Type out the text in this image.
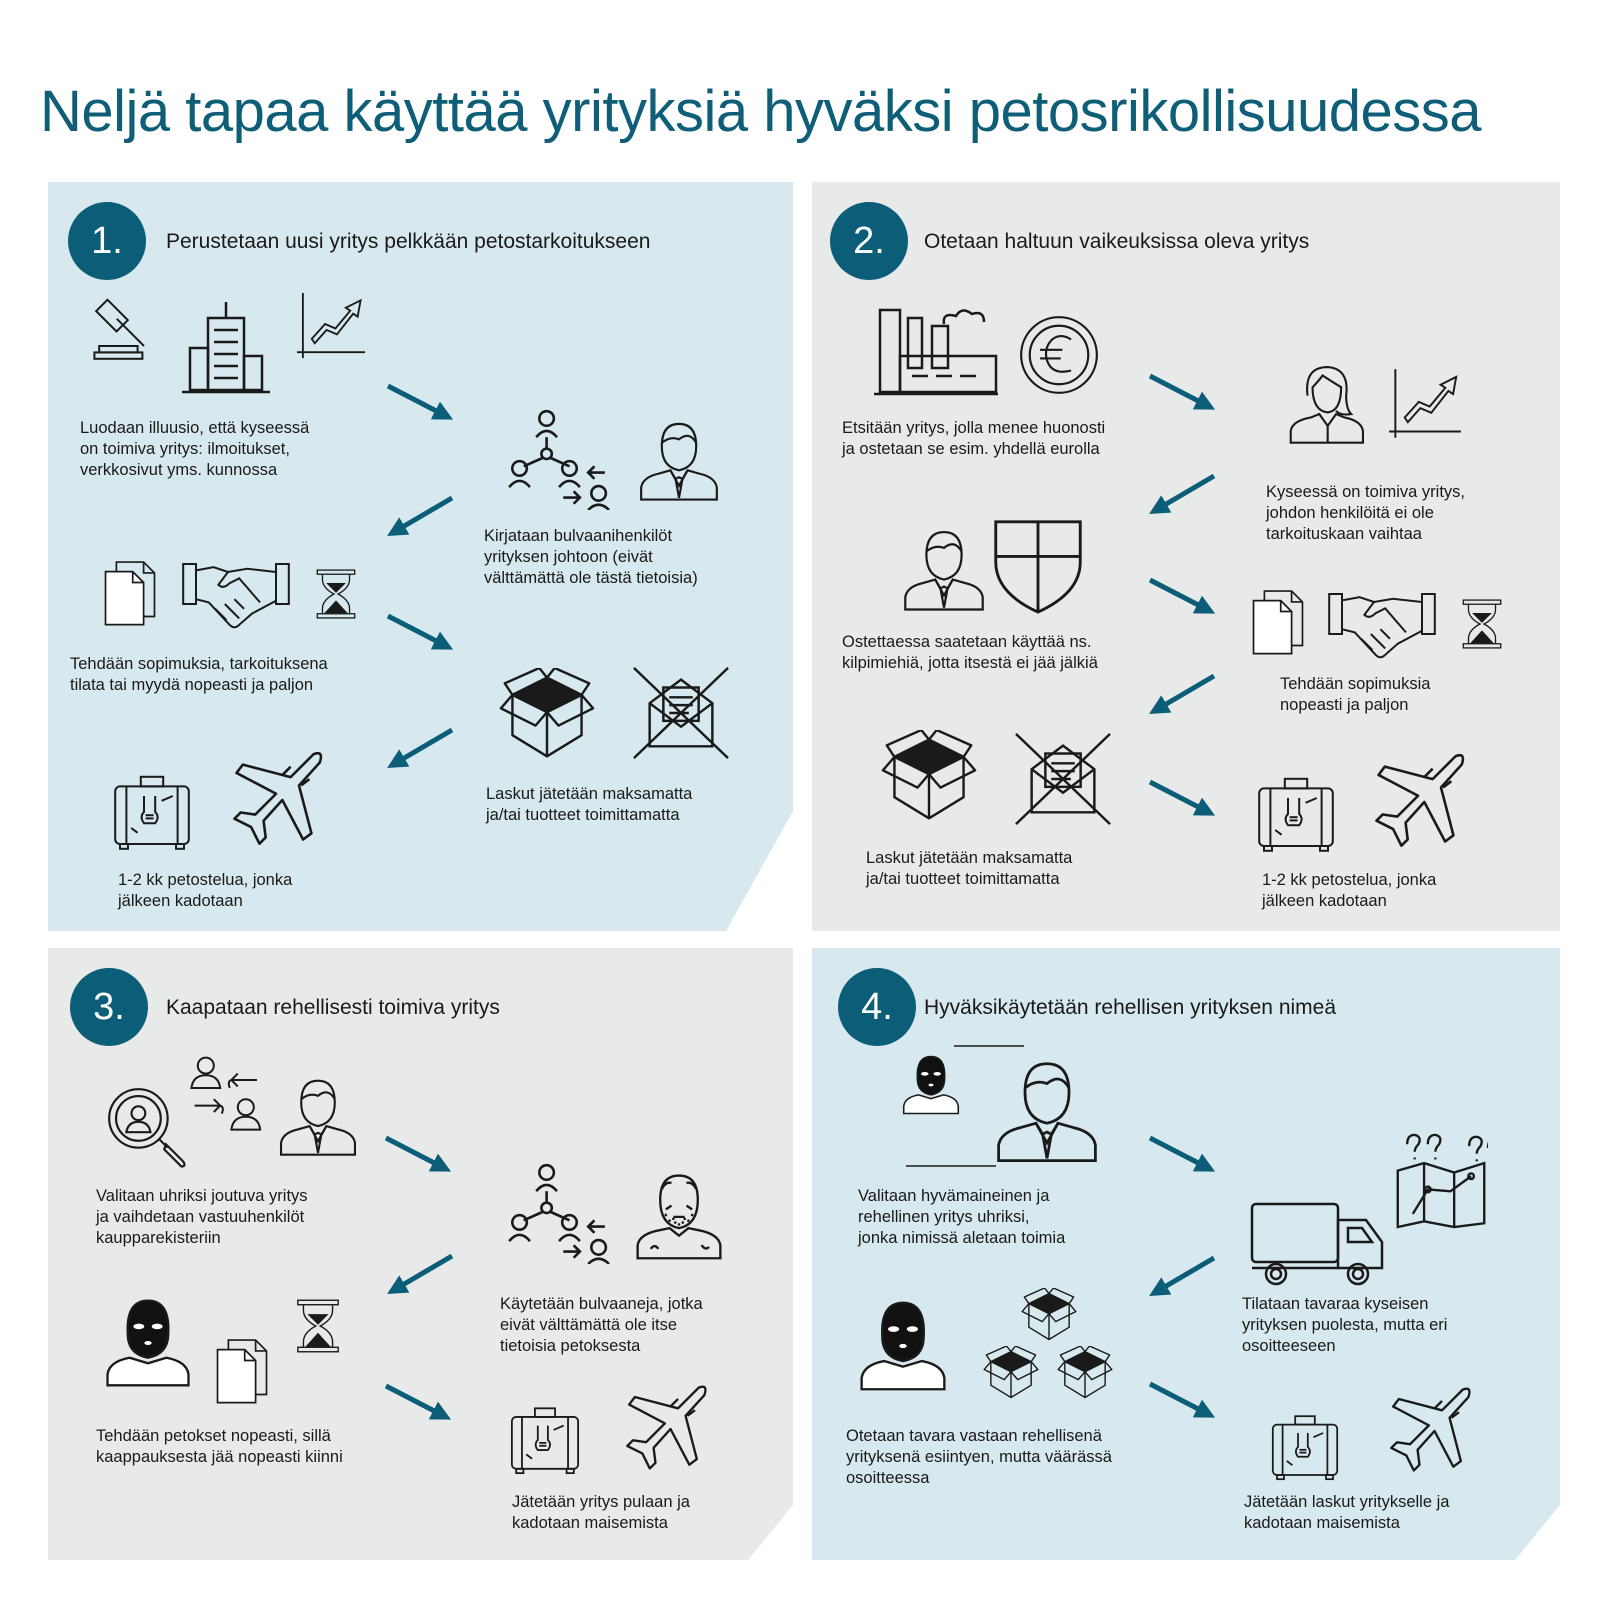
Neljä tapaa käyttää yrityksiä hyväksi petosrikollisuudessa
1.	Perustetaan uusi yritys pelkkään petostarkoitukseen
Luodaan illuusio, että kyseessä
on toimiva yritys: ilmoitukset,
verkkosivut yms. kunnossa
Kirjataan bulvaanihenkilöt
yrityksen johtoon (eivät
välttämättä ole tästä tietoisia)
Tehdään sopimuksia, tarkoituksena
tilata tai myydä nopeasti ja paljon
Laskut jätetään maksamatta
ja/tai tuotteet toimittamatta
1-2 kk petostelua, jonka
jälkeen kadotaan
2.	Otetaan haltuun vaikeuksissa oleva yritys
Etsitään yritys, jolla menee huonosti
ja ostetaan se esim. yhdellä eurolla
Kyseessä on toimiva yritys,
johdon henkilöitä ei ole
tarkoituskaan vaihtaa
Ostettaessa saatetaan käyttää ns.
kilpimiehiä, jotta itsestä ei jää jälkiä
Tehdään sopimuksia
nopeasti ja paljon
Laskut jätetään maksamatta
ja/tai tuotteet toimittamatta	1-2 kk petostelua, jonka
jälkeen kadotaan
3.	Kaapataan rehellisesti toimiva yritys
Valitaan uhriksi joutuva yritys
ja vaihdetaan vastuuhenkilöt
kaupparekisteriin
Käytetään bulvaaneja, jotka
eivät välttämättä ole itse
tietoisia petoksesta
Tehdään petokset nopeasti, sillä
kaappauksesta jää nopeasti kiinni
Jätetään yritys pulaan ja
kadotaan maisemista
4.	Hyväksikäytetään rehellisen yrityksen nimeä
Valitaan hyvämaineinen ja
rehellinen yritys uhriksi,
jonka nimissä aletaan toimia
Tilataan tavaraa kyseisen
yrityksen puolesta, mutta eri
osoitteeseen
Otetaan tavara vastaan rehellisenä
yrityksenä esiintyen, mutta väärässä
osoitteessa
Jätetään laskut yritykselle ja
kadotaan maisemista
